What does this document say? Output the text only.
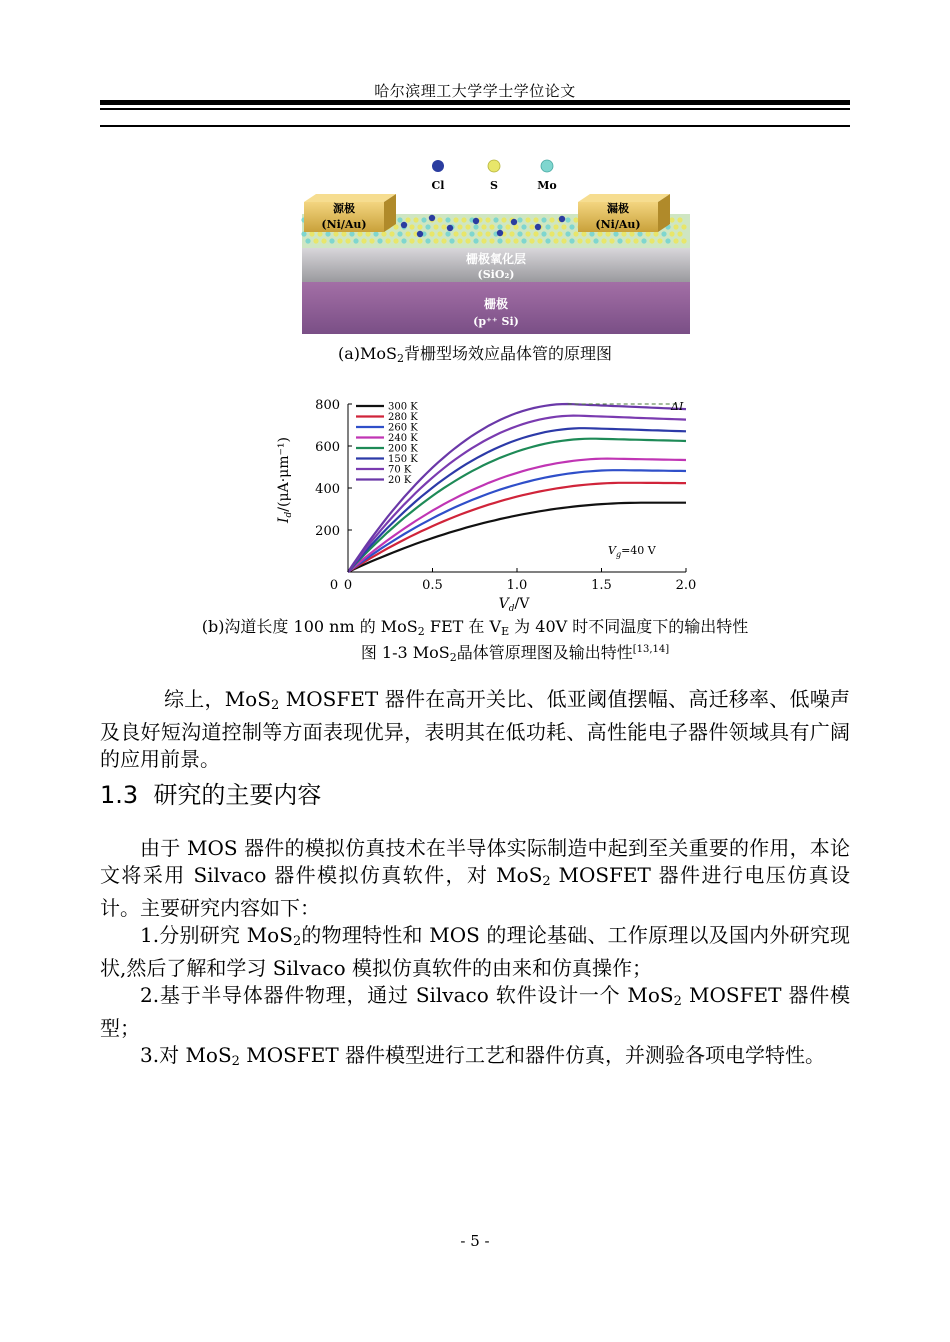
哈尔滨理工大学学士学位论文
Cl	S	Mo
栅极氧化层
(SiO₂)
栅极
(p⁺⁺ Si)
源极
(Ni/Au)
漏极
(Ni/Au)
(a)MoS$_2$背栅型场效应晶体管的原理图
300 K
280 K
260 K
240 K
200 K
150 K
70 K
20 K
0	0.5	1.0	1.5	2.0
0
200
400
600
800
$V_d/V$
$I_d/(\mu A\cdot\mu m^{-1})$
$V_g=40$ V
ΔI
(b)沟道长度 100 nm 的 MoS$_2$ FET 在 $V_E$ 为 40V 时不同温度下的输出特性
图 1-3 MoS$_2$晶体管原理图及输出特性[13,14]

综上，MoS$_2$ MOSFET 器件在高开关比、低亚阈值摆幅、高迁移率、低噪声及良好短沟道控制等方面表现优异，表明其在低功耗、高性能电子器件领域具有广阔的应用前景。

1.3 研究的主要内容

由于 MOS 器件的模拟仿真技术在半导体实际制造中起到至关重要的作用，本论文将采用 Silvaco 器件模拟仿真软件，对 MoS$_2$ MOSFET 器件进行电压仿真设计。主要研究内容如下：

1.分别研究 MoS$_2$的物理特性和 MOS 的理论基础、工作原理以及国内外研究现状,然后了解和学习 Silvaco 模拟仿真软件的由来和仿真操作；

2.基于半导体器件物理，通过 Silvaco 软件设计一个 MoS$_2$ MOSFET 器件模型；

3.对 MoS$_2$ MOSFET 器件模型进行工艺和器件仿真，并测验各项电学特性。

- 5 -
